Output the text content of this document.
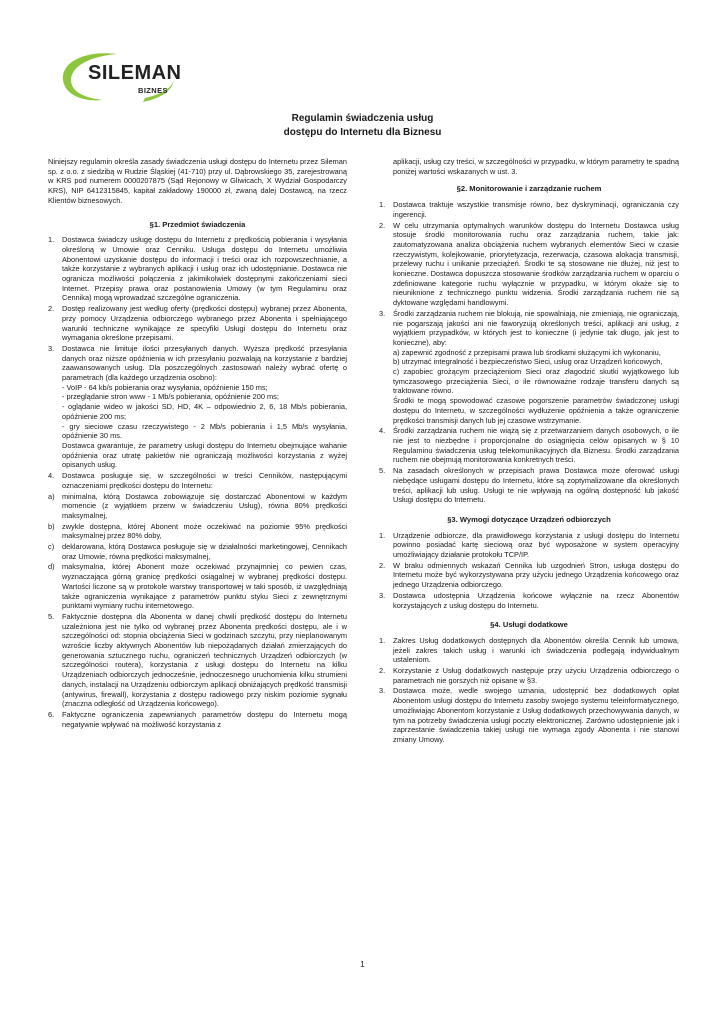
SILEMAN
BIZNES
Regulamin świadczenia usług
dostępu do Internetu dla Biznesu

Niniejszy regulamin określa zasady świadczenia usługi dostępu do Internetu przez Sileman sp. z o.o. z siedzibą w Rudzie Śląskiej (41-710) przy ul. Dąbrowskiego 35, zarejestrowaną w KRS pod numerem 0000207875 (Sąd Rejonowy w Gliwicach, X Wydział Gospodarczy KRS), NIP 6412315845, kapitał zakładowy 190000 zł, zwaną dalej Dostawcą, na rzecz Klientów biznesowych.

§1. Przedmiot świadczenia
1. Dostawca świadczy usługę dostępu do Internetu z prędkością pobierania i wysyłania określoną w Umowie oraz Cenniku. Usługa dostępu do Internetu umożliwia Abonentowi uzyskanie dostępu do informacji i treści oraz ich rozpowszechnianie, a także korzystanie z wybranych aplikacji i usług oraz ich udostępnianie. Dostawca nie ogranicza możliwości połączenia z jakimikolwiek dostępnymi zakończeniami sieci Internet. Przepisy prawa oraz postanowienia Umowy (w tym Regulaminu oraz Cennika) mogą wprowadzać szczególne ograniczenia.
2. Dostęp realizowany jest według oferty (prędkości dostępu) wybranej przez Abonenta, przy pomocy Urządzenia odbiorczego wybranego przez Abonenta i spełniającego warunki techniczne wynikające ze specyfiki Usługi dostępu do Internetu oraz wymagania określone przepisami.
3. Dostawca nie limituje ilości przesyłanych danych. Wyższa prędkość przesyłania danych oraz niższe opóźnienia w ich przesyłaniu pozwalają na korzystanie z bardziej zaawansowanych usług. Dla poszczególnych zastosowań należy wybrać ofertę o parametrach (dla każdego urządzenia osobno):
- VoIP - 64 kb/s pobierania oraz wysyłania, opóźnienie 150 ms;
- przeglądanie stron www - 1 Mb/s pobierania, opóźnienie 200 ms;
- oglądanie wideo w jakości SD, HD, 4K – odpowiednio 2, 6, 18 Mb/s pobierania, opóźnienie 200 ms;
- gry sieciowe czasu rzeczywistego - 2 Mb/s pobierania i 1,5 Mb/s wysyłania, opóźnienie 30 ms.
Dostawca gwarantuje, że parametry usługi dostępu do Internetu obejmujące wahanie opóźnienia oraz utratę pakietów nie ograniczają możliwości korzystania z wyżej opisanych usług.
4. Dostawca posługuje się, w szczególności w treści Cenników, następującymi oznaczeniami prędkości dostępu do Internetu:
a) minimalna, którą Dostawca zobowiązuje się dostarczać Abonentowi w każdym momencie (z wyjątkiem przerw w świadczeniu Usług), równa 80% prędkości maksymalnej,
b) zwykle dostępna, której Abonent może oczekiwać na poziomie 95% prędkości maksymalnej przez 80% doby,
c) deklarowana, którą Dostawca posługuje się w działalności marketingowej, Cennikach oraz Umowie, równa prędkości maksymalnej,
d) maksymalna, której Abonent może oczekiwać przynajmniej co pewien czas, wyznaczająca górną granicę prędkości osiągalnej w wybranej prędkości dostępu. Wartości liczone są w protokole warstwy transportowej w taki sposób, iż uwzględniają także ograniczenia wynikające z parametrów punktu styku Sieci z zewnętrznymi punktami wymiany ruchu internetowego.
5. Faktycznie dostępna dla Abonenta w danej chwili prędkość dostępu do Internetu uzależniona jest nie tylko od wybranej przez Abonenta prędkości dostępu, ale i w szczególności od: stopnia obciążenia Sieci w godzinach szczytu, przy nieplanowanym wzroście liczby aktywnych Abonentów lub niepożądanych działań zmierzających do generowania sztucznego ruchu, ograniczeń technicznych Urządzeń odbiorczych (w szczególności routera), korzystania z usługi dostępu do Internetu na kilku Urządzeniach odbiorczych jednocześnie, jednoczesnego uruchomienia kilku strumieni danych, instalacji na Urządzeniu odbiorczym aplikacji obniżających prędkość transmisji (antywirus, firewall), korzystania z dostępu radiowego przy niskim poziomie sygnału (znaczna odległość od Urządzenia końcowego).
6. Faktyczne ograniczenia zapewnianych parametrów dostępu do Internetu mogą negatywnie wpływać na możliwość korzystania z

aplikacji, usług czy treści, w szczególności w przypadku, w którym parametry te spadną poniżej wartości wskazanych w ust. 3.

§2. Monitorowanie i zarządzanie ruchem
1. Dostawca traktuje wszystkie transmisje równo, bez dyskryminacji, ograniczania czy ingerencji.
2. W celu utrzymania optymalnych warunków dostępu do Internetu Dostawca usług stosuje środki monitorowania ruchu oraz zarządzania ruchem, takie jak: zautomatyzowana analiza obciążenia ruchem wybranych elementów Sieci w czasie rzeczywistym, kolejkowanie, priorytetyzacja, rezerwacja, czasowa alokacja transmisji, przelewy ruchu i unikanie przeciążeń. Środki te są stosowane nie dłużej, niż jest to konieczne. Dostawca dopuszcza stosowanie środków zarządzania ruchem w oparciu o zdefiniowane kategorie ruchu wyłącznie w przypadku, w którym okaże się to nieuniknione z technicznego punktu widzenia. Środki zarządzania ruchem nie są dyktowane względami handlowymi.
3. Środki zarządzania ruchem nie blokują, nie spowalniają, nie zmieniają, nie ograniczają, nie pogarszają jakości ani nie faworyzują określonych treści, aplikacji ani usług, z wyjątkiem przypadków, w których jest to konieczne (i jedynie tak długo, jak jest to konieczne), aby:
a) zapewnić zgodność z przepisami prawa lub środkami służącymi ich wykonaniu,
b) utrzymać integralność i bezpieczeństwo Sieci, usług oraz Urządzeń końcowych,
c) zapobiec grożącym przeciążeniom Sieci oraz złagodzić skutki wyjątkowego lub tymczasowego przeciążenia Sieci, o ile równoważne rodzaje transferu danych są traktowane równo.
Środki te mogą spowodować czasowe pogorszenie parametrów świadczonej usługi dostępu do Internetu, w szczególności wydłużenie opóźnienia a także ograniczenie prędkości transmisji danych lub jej czasowe wstrzymanie.
4. Środki zarządzania ruchem nie wiążą się z przetwarzaniem danych osobowych, o ile nie jest to niezbędne i proporcjonalne do osiągnięcia celów opisanych w § 10 Regulaminu świadczenia usług telekomunikacyjnych dla Biznesu. Środki zarządzania ruchem nie obejmują monitorowania konkretnych treści.
5. Na zasadach określonych w przepisach prawa Dostawca może oferować usługi niebędące usługami dostępu do Internetu, które są zoptymalizowane dla określonych treści, aplikacji lub usług. Usługi te nie wpływają na ogólną dostępność lub jakość Usługi dostępu do Internetu.
§3. Wymogi dotyczące Urządzeń odbiorczych
1. Urządzenie odbiorcze, dla prawidłowego korzystania z usługi dostępu do Internetu powinno posiadać kartę sieciową oraz być wyposażone w system operacyjny umożliwiający działanie protokołu TCP/IP.
2. W braku odmiennych wskazań Cennika lub uzgodnień Stron, usługa dostępu do Internetu może być wykorzystywana przy użyciu jednego Urządzenia końcowego oraz jednego Urządzenia odbiorczego.
3. Dostawca udostępnia Urządzenia końcowe wyłącznie na rzecz Abonentów korzystających z usług dostępu do Internetu.
§4. Usługi dodatkowe
1. Zakres Usług dodatkowych dostępnych dla Abonentów określa Cennik lub umowa, jeżeli zakres takich usług i warunki ich świadczenia podlegają indywidualnym ustaleniom.
2. Korzystanie z Usług dodatkowych następuje przy użyciu Urządzenia odbiorczego o parametrach nie gorszych niż opisane w §3.
3. Dostawca może, wedle swojego uznania, udostępnić bez dodatkowych opłat Abonentom usługi dostępu do Internetu zasoby swojego systemu teleinformatycznego, umożliwiając Abonentom korzystanie z Usług dodatkowych przechowywania danych, w tym na potrzeby świadczenia usługi poczty elektronicznej. Zarówno udostępnienie jak i zaprzestanie świadczenia takiej usługi nie wymaga zgody Abonenta i nie stanowi zmiany Umowy.
1
